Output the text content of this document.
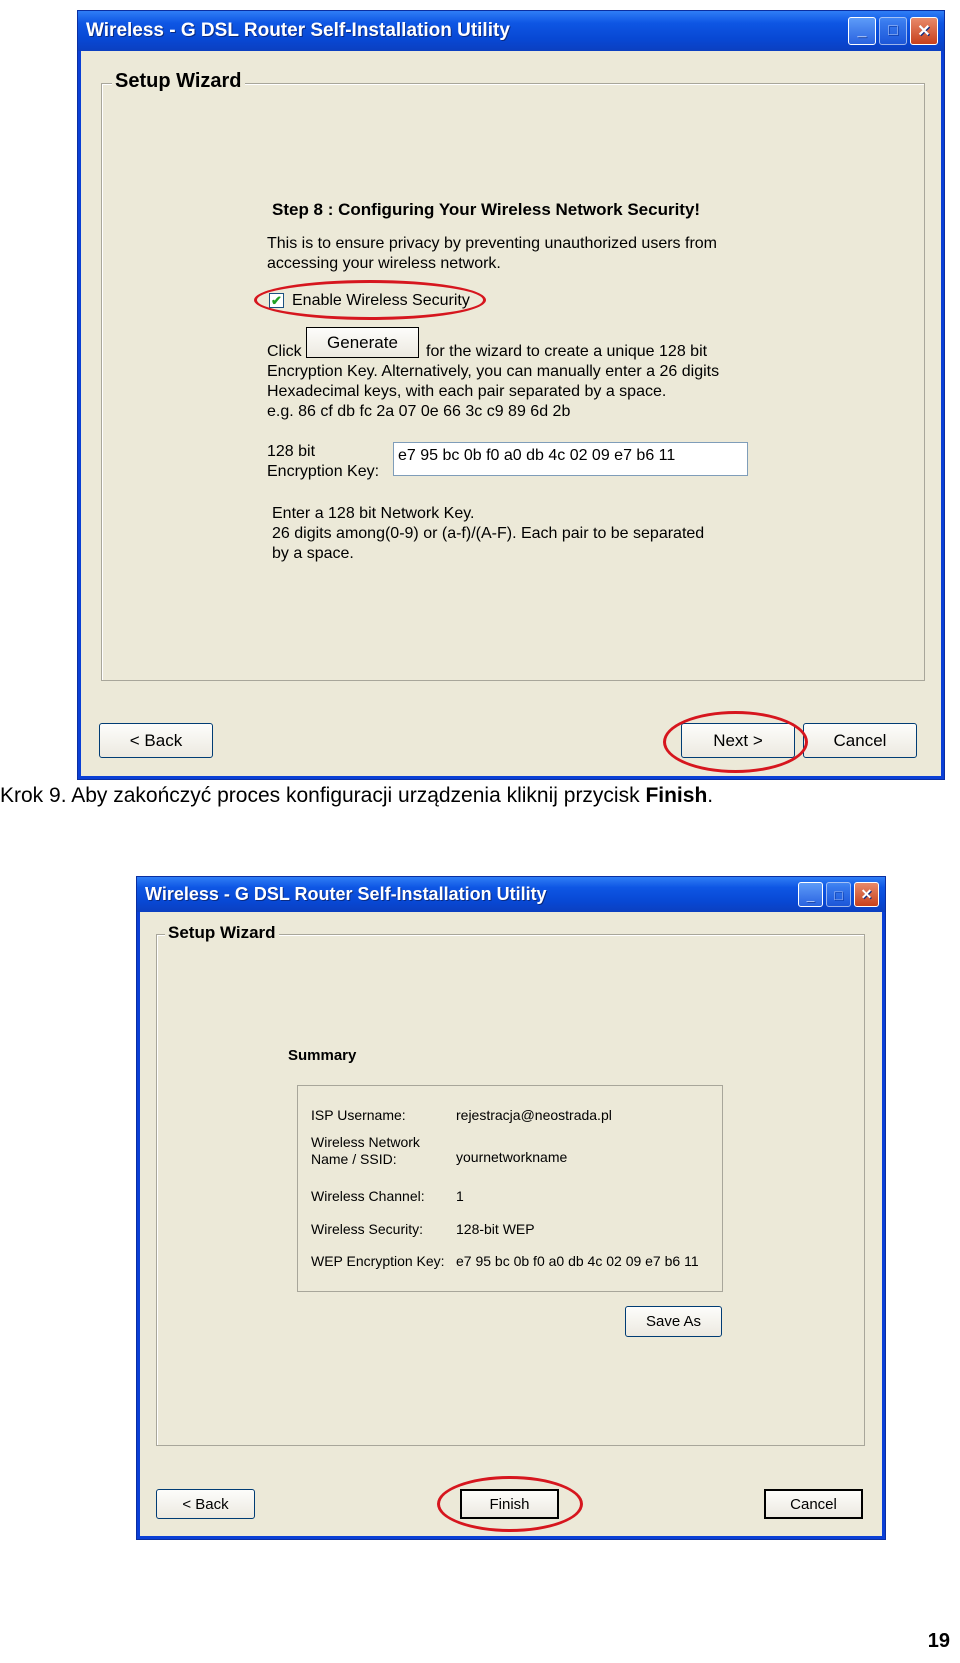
Wireless - G DSL Router Self-Installation Utility	_ □ ✕
Setup Wizard
Step 8 : Configuring Your Wireless Network Security!
This is to ensure privacy by preventing unauthorized users from
accessing your wireless network.
✔ Enable Wireless Security
Click	Generate	for the wizard to create a unique 128 bit
Encryption Key. Alternatively, you can manually enter a 26 digits
Hexadecimal keys, with each pair separated by a space.
e.g. 86 cf db fc 2a 07 0e 66 3c c9 89 6d 2b
128 bit
Encryption Key:
e7 95 bc 0b f0 a0 db 4c 02 09 e7 b6 11
Enter a 128 bit Network Key.
26 digits among(0-9) or (a-f)/(A-F). Each pair to be separated
by a space.
< Back	Next >	Cancel
Krok 9. Aby zakończyć proces konfiguracji urządzenia kliknij przycisk Finish.
Wireless - G DSL Router Self-Installation Utility	_ □ ✕
Setup Wizard
Summary
ISP Username:	rejestracja@neostrada.pl
Wireless Network
Name / SSID:	yournetworkname
Wireless Channel: 1
Wireless Security: 128-bit WEP
WEP Encryption Key: e7 95 bc 0b f0 a0 db 4c 02 09 e7 b6 11
Save As
< Back	Finish	Cancel
19
